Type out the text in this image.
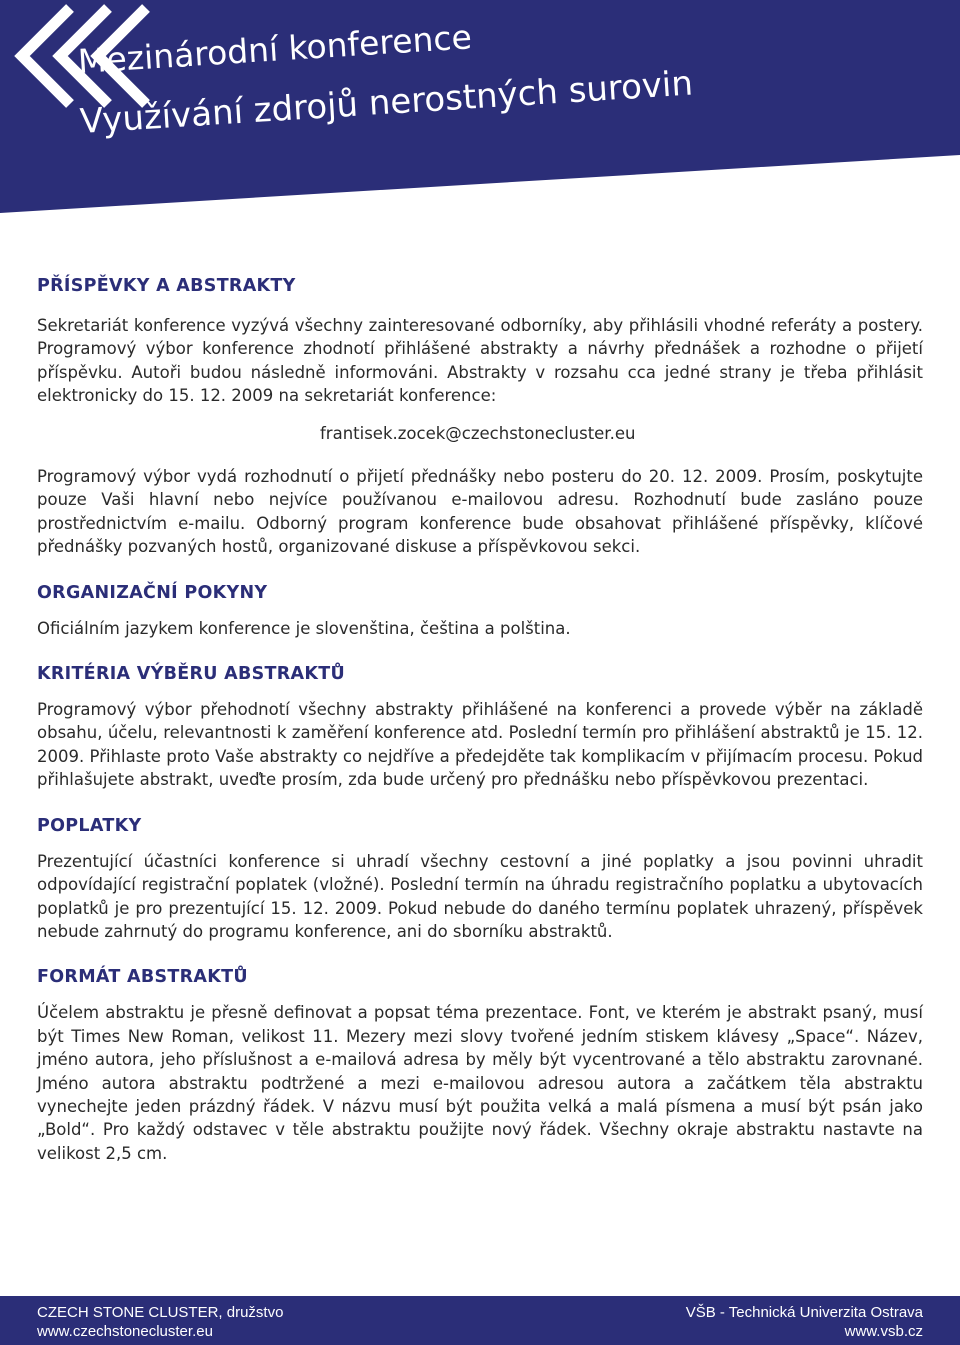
Mezinárodní konference
Využívání zdrojů nerostných surovin
PŘÍSPĚVKY A ABSTRAKTY

Sekretariát konference vyzývá všechny zainteresované odborníky, aby přihlásili vhodné referáty a postery. Programový výbor konference zhodnotí přihlášené abstrakty a návrhy přednášek a rozhodne o přijetí příspěvku. Autoři budou následně informováni. Abstrakty v rozsahu cca jedné strany je třeba přihlásit elektronicky do 15. 12. 2009 na sekretariát konference:

frantisek.zocek@czechstonecluster.eu

Programový výbor vydá rozhodnutí o přijetí přednášky nebo posteru do 20. 12. 2009. Prosím, poskytujte pouze Vaši hlavní nebo nejvíce používanou e-mailovou adresu. Rozhodnutí bude zasláno pouze prostřednictvím e-mailu. Odborný program konference bude obsahovat přihlášené příspěvky, klíčové přednášky pozvaných hostů, organizované diskuse a příspěvkovou sekci.

ORGANIZAČNÍ POKYNY

Oficiálním jazykem konference je slovenština, čeština a polština.

KRITÉRIA VÝBĚRU ABSTRAKTŮ

Programový výbor přehodnotí všechny abstrakty přihlášené na konferenci a provede výběr na základě obsahu, účelu, relevantnosti k zaměření konference atd. Poslední termín pro přihlášení abstraktů je 15. 12. 2009. Přihlaste proto Vaše abstrakty co nejdříve a předejděte tak komplikacím v přijímacím procesu. Pokud přihlašujete abstrakt, uveďte prosím, zda bude určený pro přednášku nebo příspěvkovou prezentaci.

POPLATKY

Prezentující účastníci konference si uhradí všechny cestovní a jiné poplatky a jsou povinni uhradit odpovídající registrační poplatek (vložné). Poslední termín na úhradu registračního poplatku a ubytovacích poplatků je pro prezentující 15. 12. 2009. Pokud nebude do daného termínu poplatek uhrazený, příspěvek nebude zahrnutý do programu konference, ani do sborníku abstraktů.

FORMÁT ABSTRAKTŮ

Účelem abstraktu je přesně definovat a popsat téma prezentace. Font, ve kterém je abstrakt psaný, musí být Times New Roman, velikost 11. Mezery mezi slovy tvořené jedním stiskem klávesy „Space“. Název, jméno autora, jeho příslušnost a e-mailová adresa by měly být vycentrované a tělo abstraktu zarovnané. Jméno autora abstraktu podtržené a mezi e-mailovou adresou autora a začátkem těla abstraktu vynechejte jeden prázdný řádek. V názvu musí být použita velká a malá písmena a musí být psán jako „Bold“. Pro každý odstavec v těle abstraktu použijte nový řádek. Všechny okraje abstraktu nastavte na velikost 2,5 cm.

CZECH STONE CLUSTER, družstvo
www.czechstonecluster.eu
VŠB - Technická Univerzita Ostrava
www.vsb.cz
